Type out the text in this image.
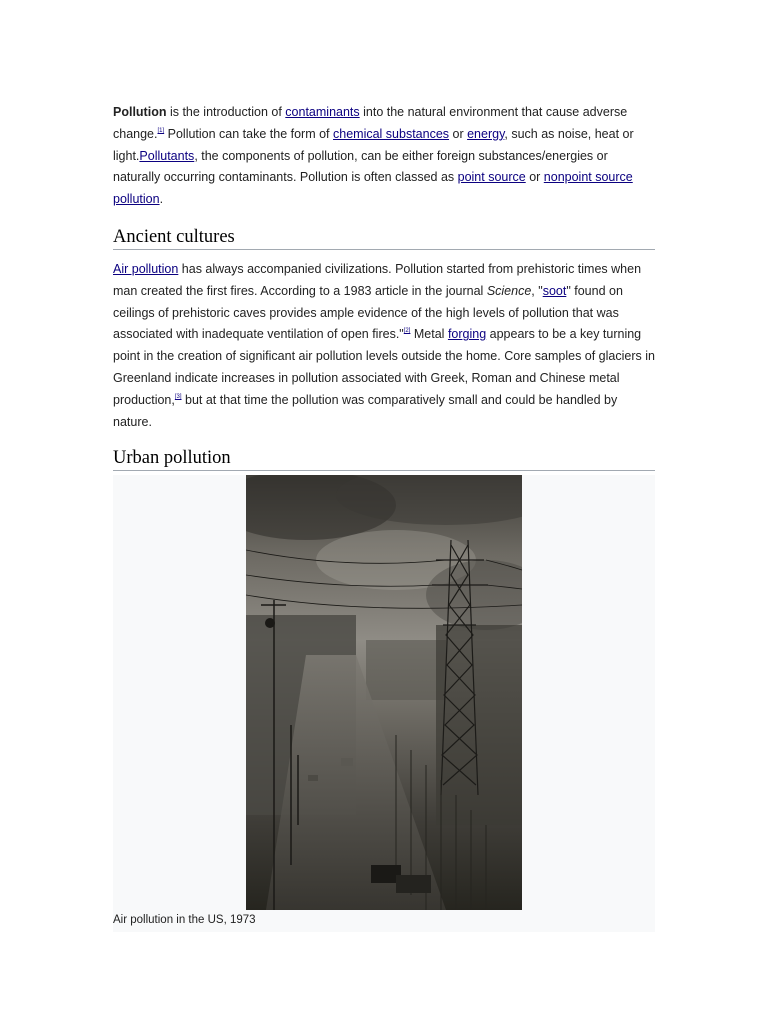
Pollution is the introduction of contaminants into the natural environment that cause adverse change.[1] Pollution can take the form of chemical substances or energy, such as noise, heat or light.Pollutants, the components of pollution, can be either foreign substances/energies or naturally occurring contaminants. Pollution is often classed as point source or nonpoint source pollution.

Ancient cultures

Air pollution has always accompanied civilizations. Pollution started from prehistoric times when man created the first fires. According to a 1983 article in the journal Science, "soot" found on ceilings of prehistoric caves provides ample evidence of the high levels of pollution that was associated with inadequate ventilation of open fires."[2] Metal forging appears to be a key turning point in the creation of significant air pollution levels outside the home. Core samples of glaciers in Greenland indicate increases in pollution associated with Greek, Roman and Chinese metal production,[3] but at that time the pollution was comparatively small and could be handled by nature.

Urban pollution
Air pollution in the US, 1973
